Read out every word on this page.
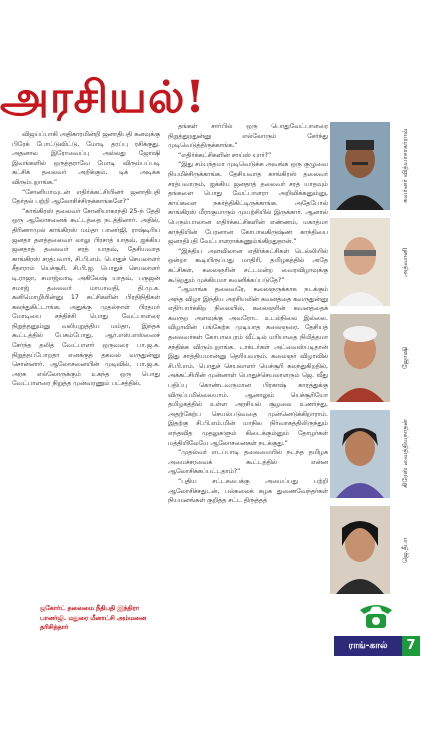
அரசியல்!

விஜய்ப்பாகி அதிகாரமின்றி ஜனாதிபதி கனவுக்கு பிரேக் போட்டுவிட்டு, மோடி தரப்பு ரசிக்குது. அதனால இரோவைப்பு அல்லது ஜோஷி இவங்களில் ஒருத்தராவே மோடி விரும்பப்படி கட்சிக் தலைவர் அறிக்கும், டிக் அடிக்க விரும்புறாங்க.”

“சோனியாவுடன் எதிர்க்கட்சியினர் ஜனாதிபதி தேர்தல் பற்றி ஆலோசிச்சிருக்காங்களே?”

“காங்கிரஸ் தலைவர் சோனியாகாந்தி 25-ந் தேதி ஒரு ஆலோசனைக் கூட்டத்தை நடத்தினார். அதில், திரிணாமுல் காங்கிரஸ் மம்தா பானர்ஜி, ராஷ்டிரிய ஜனதா தளத்தலைவர் லாலு பிரசாத் யாதவ், ஐக்கிய ஜனதாத் தலைவர் சரத் யாதவ், தேசியவாத காங்கிரஸ் சரத்பவார், சி.பி.எம். பொதுச் செயலாளர் சீதாராம் யெச்சூரி, சி.பி.ஐ. பொதுச் செயலாளர் டி.ராஜா, சமாஜ்வாடி அகிலேஷ் யாதவ், பகுஜன் சமாஜ் தலைவர் மாயாவதி, தி.மு.க. கனிமொழியின்னு 17 கட்சிகளின் பிரதிநிதிகள் கலந்துகிட்டாங்க. அதுக்கு முதல்நாள் பிரதமர் மோடியை சந்திச்சி பொது வேட்பாளரை நிறுத்தனும்னு வலியுறுத்திய மம்தா, இந்தக் கூட்டத்தில் பேசும்போது, ஆர்.எஸ்.எஸ்ஸைச் சேர்ந்த தலித் வேட்பாளர் ஒருவரை பா.ஜ.க. நிறுத்தப்போறதா எனக்குத் தகவல் வருதுன்னு சொன்னார். ஆலோசனையின் முடிவில், பா.ஜ.க. அரசு எல்லோருக்கும் உகந்த ஒரு பொது வேட்பாளரை நிறுத்த முன்வரணும் பட்சத்தில்,

ஜகோர்ட் தலைமை நீதிபதி இந்திரா பானர்ஜி. மதுரை மீனாட்சி அம்மனை தரிசித்தார்

தங்கள் சார்பில் ஒரு பொதுவேட்பாளரை நிறுத்துறதுன்னு எல்லோரும் சேர்ந்து முடிவெடுத்திருக்காங்க.”

“எதிர்க்கட்சிகளின் சாய்ஸ் யார்?”

“இது சம்பந்தமா முடிவெடுக்க அவங்க ஒரு குழுவை நியமிச்சிருக்காங்க. தேசியவாத காங்கிரஸ் தலைவர் சரத்பவாரும், ஐக்கிய ஜனதாத் தலைவர் சரத் யாதவும் தங்களை பொது வேட்பாளரா அறிவிக்கனும்னு, காய்களை நகர்த்திகிட்டிருக்காங்க. அதேபோல் காங்கிரஸ் மீராகுமாரும் முயற்சியில் இருக்கார். ஆனால் பெரும்பாலான எதிர்க்கட்சிகளின் எண்ணம், மகாத்மா காந்தியின் பேரனான கோபாலகிருஷ்ண காந்தியை ஜனாதிபதி வேட்பாளராக்கணும்ங்கிறதுதான்.”

“இந்திய அளவிலான எதிர்க்கட்சிகள் டெல்லியில் ஒன்றா கூடியிருப்பது மாதிரி, தமிழகத்தில் அதே கட்சிகள், கலைஞரின் சட்டமன்ற வைரவிழாவுக்கு கூடுறதும் முக்கியமா கவனிக்கப்படுதே?”

“ஆமாங்க தலைவரே, கலைஞருக்காக நடக்கும் அந்த விழா இந்திய அரசியலின் கவனத்தை கவருதுன்னு எதிர்பார்க்கிற நிலையில், கலைஞரின் கவனத்தைக் கவருற அளவுக்கு அவரோட உடல்நிலை இல்லை. விழாவின் பங்கேற்க முடியாத கலைஞரை, தேசியத் தலைவர்கள் கோபாலபுரம் வீட்டில் மரியாதை நிமித்தமா சந்திக்க விரும்புறாங்க. டாக்டர்கள் அட்வைஸ்படிதான் இது சாத்தியமான்னு தெரியவரும். கலைஞர் விழாவில் சி.பி.எம். பொதுச் செயலாளர் யெச்சூரி கலந்துகிறதில், அக்கட்சியின் முன்னாள் பொதுச்செயலாளரும் ஜெ. வீது பதிப்பு கொண்டவருமான பிரகாஷ் காரத்துக்கு விருப்பமில்லையாம். ஆனாலும் யெச்சூரியோ தமிழகத்தில் உள்ள அரசியல் சூழலை உணர்ந்து, அதற்கேற்ப செயல்படுவதை முன்னெடுக்கிறாராம். இதற்கு சி.பி.எம்.மின் மாநில நிர்வாகத்திலிருந்தும் எந்தவித முதலுகளும் கிடைக்கும்னும் தோழர்கள் மத்தியிலேயே ஆலோசனைகள் நடக்குது.”

“முதல்வர் எடப்பாடி தலைமையில் நடந்த தமிழக அமைச்சரவைக் கூட்டத்தில் என்ன ஆலோசிக்கப்பட்டதாம்?”

“புதிய சட்டசபைக்கு அமைப்பது பற்றி ஆலோசிச்சதுடன், பல்கலைக் கழக துணைவேந்தர்கள் நியமனங்கள் குறித்த சட்ட திருத்தத்

கவர்னர் வித்யாசாகர்ராவ்
அத்வானி
ஜோஷி
கிரேஸ் வைத்தியநாதன்
ஜெ.தீபா
ராங்-கால்	7
